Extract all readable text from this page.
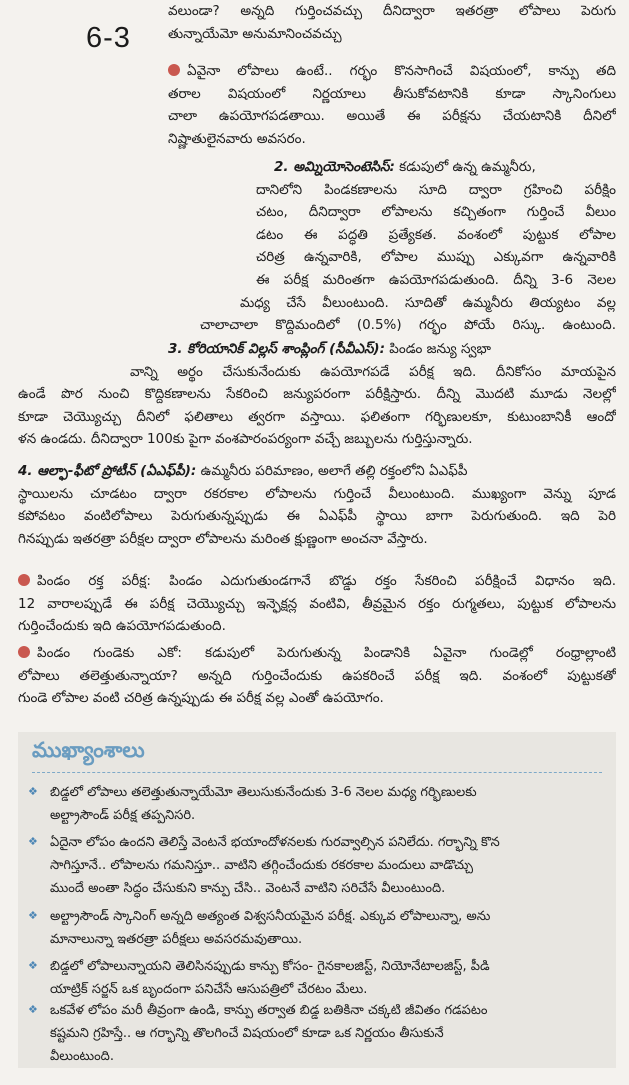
6-3
వలుండా? అన్నది గుర్తించవచ్చు దీనిద్వారా ఇతరత్రా లోపాలు పెరుగు
తున్నాయేమో అనుమానించవచ్చు
ఏవైనా లోపాలు ఉంటే.. గర్భం కొనసాగించే విషయంలో, కాన్పు తది
తరాల విషయంలో నిర్ణయాలు తీసుకోవటానికి కూడా స్కానింగులు
చాలా ఉపయోగపడతాయి. అయితే ఈ పరీక్షను చేయటానికి దీనిలో
నిష్ణాతులైనవారు అవసరం.
2. అమ్నియోసెంటెసిస్: కడుపులో ఉన్న ఉమ్మనీరు,
దానిలోని పిండకణాలను సూది ద్వారా గ్రహించి పరీక్షిం
చటం, దీనిద్వారా లోపాలను కచ్చితంగా గుర్తించే వీలుం
డటం ఈ పద్ధతి ప్రత్యేకత. వంశంలో పుట్టుక లోపాల
చరిత్ర ఉన్నవారికి, లోపాల ముప్పు ఎక్కువగా ఉన్నవారికి
ఈ పరీక్ష మరింతగా ఉపయోగపడుతుంది. దీన్ని 3-6 నెలల
మధ్య చేసే వీలుంటుంది. సూదితో ఉమ్మనీరు తియ్యటం వల్ల
చాలాచాలా కొద్దిమందిలో (0.5%) గర్భం పోయే రిస్కు. ఉంటుంది.
3. కోరియానిక్ విల్లస్ శాంప్లింగ్ (సీవీఎస్): పిండం జన్యు స్వభా
వాన్ని అర్థం చేసుకునేందుకు ఉపయోగపడే పరీక్ష ఇది. దీనికోసం మాయపైన
ఉండే పొర నుంచి కొద్దికణాలను సేకరించి జన్యుపరంగా పరీక్షిస్తారు. దీన్ని మొదటి మూడు నెలల్లో
కూడా చెయ్యొచ్చు దీనిలో ఫలితాలు త్వరగా వస్తాయి. ఫలితంగా గర్భిణులకూ, కుటుంబానికీ ఆందో
ళన ఉండదు. దీనిద్వారా 100కు పైగా వంశపారంపర్యంగా వచ్చే జబ్బులను గుర్తిస్తున్నారు.
4. ఆల్ఫా-ఫీటో ప్రోటీన్ (ఏఎఫ్‌పీ): ఉమ్మనీరు పరిమాణం, అలాగే తల్లి రక్తంలోని ఏఎఫ్‌పీ
స్థాయిలను చూడటం ద్వారా రకరకాల లోపాలను గుర్తించే వీలుంటుంది. ముఖ్యంగా వెన్ను పూడ
కపోవటం వంటిలోపాలు పెరుగుతున్నప్పుడు ఈ ఏఎఫ్‌పీ స్థాయి బాగా పెరుగుతుంది. ఇది పెరి
గినప్పుడు ఇతరత్రా పరీక్షల ద్వారా లోపాలను మరింత క్షుణ్ణంగా అంచనా వేస్తారు.
పిండం రక్త పరీక్ష: పిండం ఎదుగుతుండగానే బొడ్డు రక్తం సేకరించి పరీక్షించే విధానం ఇది.
12 వారాలప్పుడే ఈ పరీక్ష చెయ్యొచ్చు ఇన్ఫెక్షన్ల వంటివి, తీవ్రమైన రక్తం రుగ్మతలు, పుట్టుక లోపాలను
గుర్తించేందుకు ఇది ఉపయోగపడుతుంది.
పిండం గుండెకు ఎకో: కడుపులో పెరుగుతున్న పిండానికి ఏవైనా గుండెల్లో రంధ్రాల్లాంటి
లోపాలు తలెత్తుతున్నాయా? అన్నది గుర్తించేందుకు ఉపకరించే పరీక్ష ఇది. వంశంలో పుట్టుకతో
గుండె లోపాల వంటి చరిత్ర ఉన్నప్పుడు ఈ పరీక్ష వల్ల ఎంతో ఉపయోగం.
ముఖ్యాంశాలు
❖ బిడ్డలో లోపాలు తలెత్తుతున్నాయేమో తెలుసుకునేందుకు 3-6 నెలల మధ్య గర్భిణులకు
అల్ట్రాసౌండ్ పరీక్ష తప్పనిసరి.
❖ ఏదైనా లోపం ఉందని తెలిస్తే వెంటనే భయాందోళనలకు గురవ్వాల్సిన పనిలేదు. గర్భాన్ని కొన
సాగిస్తూనే.. లోపాలను గమనిస్తూ.. వాటిని తగ్గించేందుకు రకరకాల మందులు వాడొచ్చు
ముందే అంతా సిద్ధం చేసుకుని కాన్పు చేసి.. వెంటనే వాటిని సరిచేసే వీలుంటుంది.
❖ అల్ట్రాసౌండ్ స్కానింగ్ అన్నది అత్యంత విశ్వసనీయమైన పరీక్ష. ఎక్కువ లోపాలున్నా, అను
మానాలున్నా ఇతరత్రా పరీక్షలు అవసరమవుతాయి.
❖ బిడ్డలో లోపాలున్నాయని తెలిసినప్పుడు కాన్పు కోసం- గైనకాలజిస్ట్, నియోనేటాలజిస్ట్, పీడి
యాట్రిక్ సర్జన్ ఒక బృందంగా పనిచేసే ఆసుపత్రిలో చేరటం మేలు.
❖ ఒకవేళ లోపం మరీ తీవ్రంగా ఉండి, కాన్పు తర్వాత బిడ్డ బతికినా చక్కటి జీవితం గడపటం
కష్టమని గ్రహిస్తే.. ఆ గర్భాన్ని తొలగించే విషయంలో కూడా ఒక నిర్ణయం తీసుకునే
వీలుంటుంది.
